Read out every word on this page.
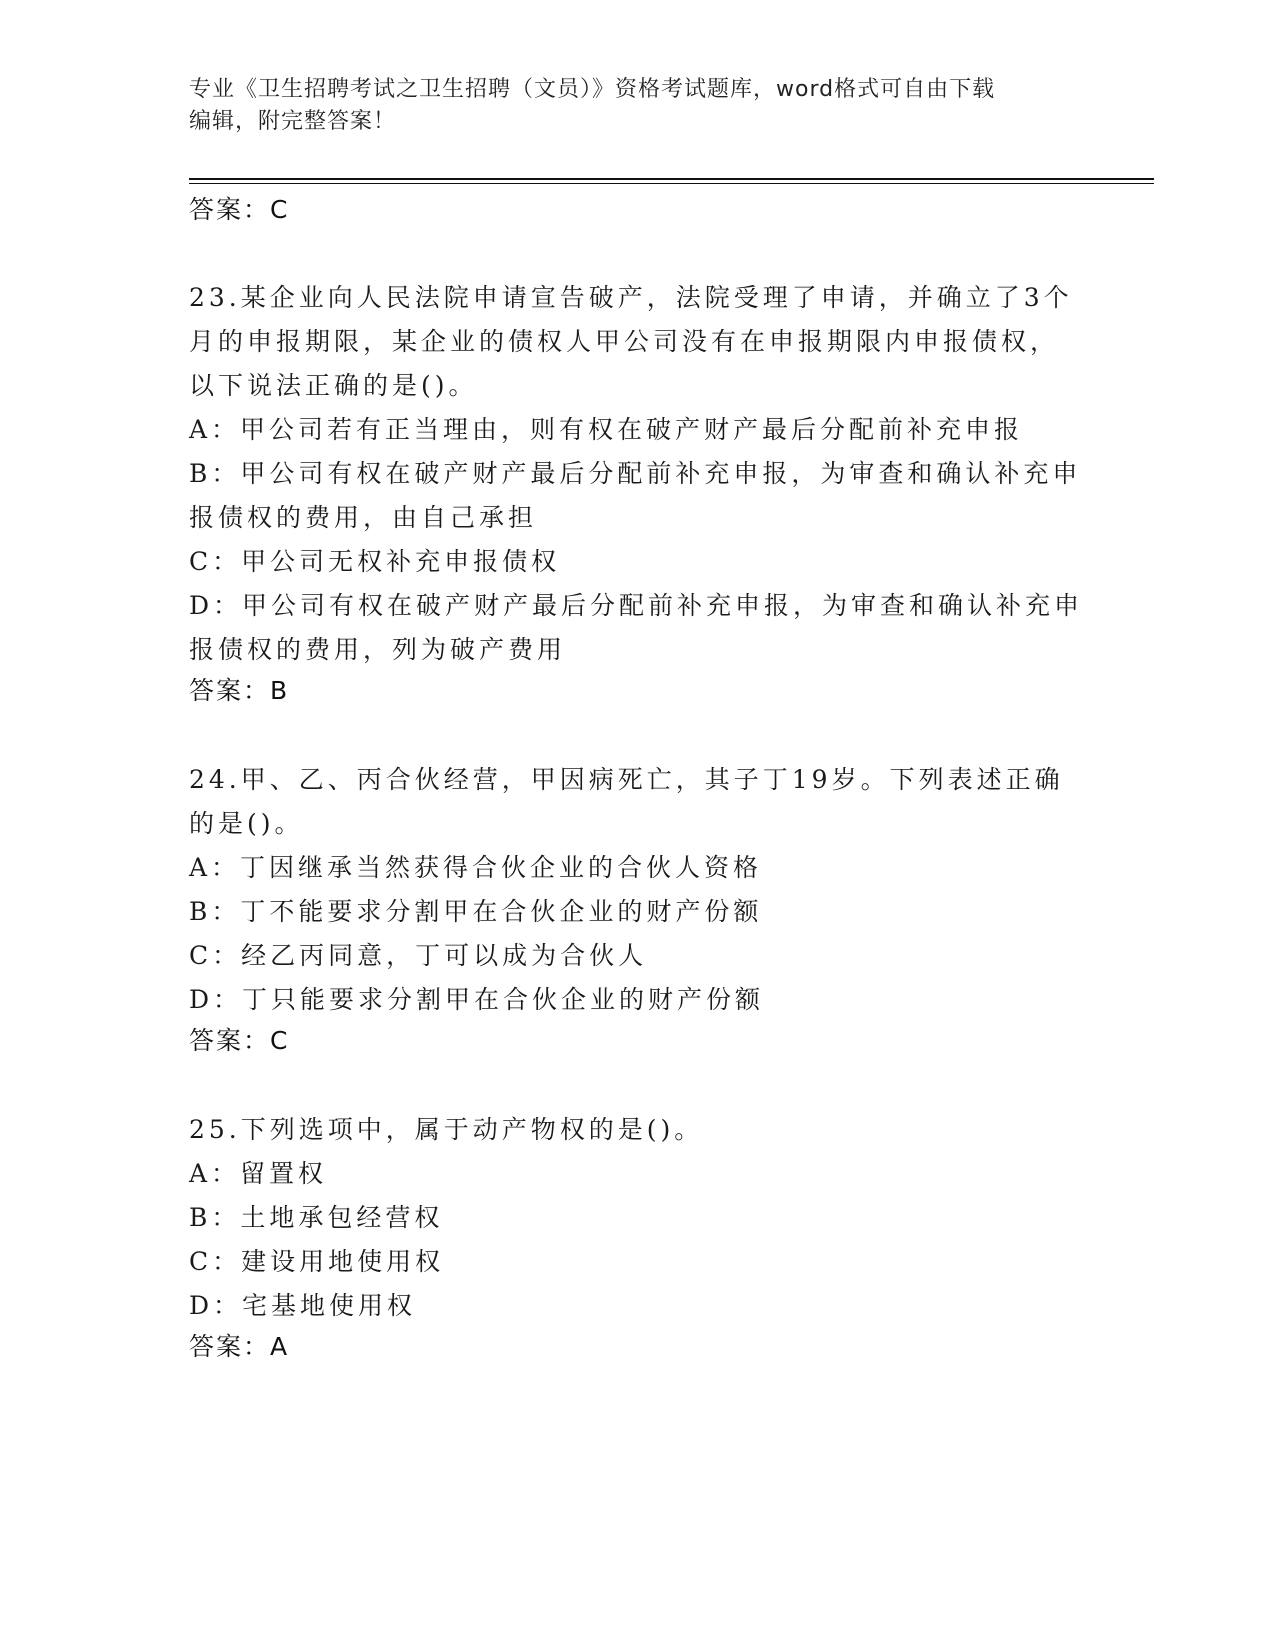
专业《卫生招聘考试之卫生招聘（文员）》资格考试题库，word格式可自由下载
编辑，附完整答案！
答案：C
23.某企业向人民法院申请宣告破产，法院受理了申请，并确立了3个
月的申报期限，某企业的债权人甲公司没有在申报期限内申报债权，
以下说法正确的是()。
A：甲公司若有正当理由，则有权在破产财产最后分配前补充申报
B：甲公司有权在破产财产最后分配前补充申报，为审查和确认补充申
报债权的费用，由自己承担
C：甲公司无权补充申报债权
D：甲公司有权在破产财产最后分配前补充申报，为审查和确认补充申
报债权的费用，列为破产费用
答案：B
24.甲、乙、丙合伙经营，甲因病死亡，其子丁19岁。下列表述正确
的是()。
A：丁因继承当然获得合伙企业的合伙人资格
B：丁不能要求分割甲在合伙企业的财产份额
C：经乙丙同意，丁可以成为合伙人
D：丁只能要求分割甲在合伙企业的财产份额
答案：C
25.下列选项中，属于动产物权的是()。
A：留置权
B：土地承包经营权
C：建设用地使用权
D：宅基地使用权
答案：A
